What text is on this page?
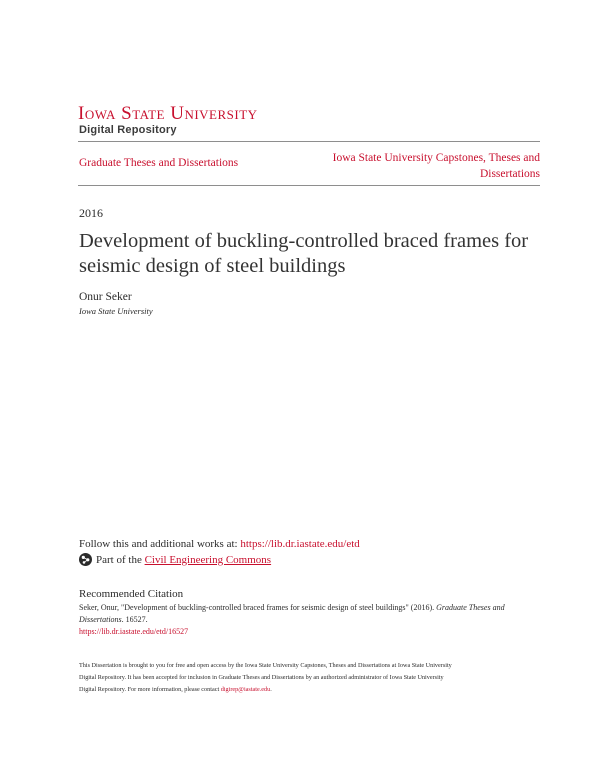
Iowa State University
Digital Repository
Graduate Theses and Dissertations	Iowa State University Capstones, Theses and Dissertations
2016
Development of buckling-controlled braced frames for seismic design of steel buildings
Onur Seker
Iowa State University
Follow this and additional works at: https://lib.dr.iastate.edu/etd
Part of the Civil Engineering Commons
Recommended Citation
Seker, Onur, "Development of buckling-controlled braced frames for seismic design of steel buildings" (2016). Graduate Theses and Dissertations. 16527.
https://lib.dr.iastate.edu/etd/16527
This Dissertation is brought to you for free and open access by the Iowa State University Capstones, Theses and Dissertations at Iowa State University
Digital Repository. It has been accepted for inclusion in Graduate Theses and Dissertations by an authorized administrator of Iowa State University
Digital Repository. For more information, please contact digirep@iastate.edu.
